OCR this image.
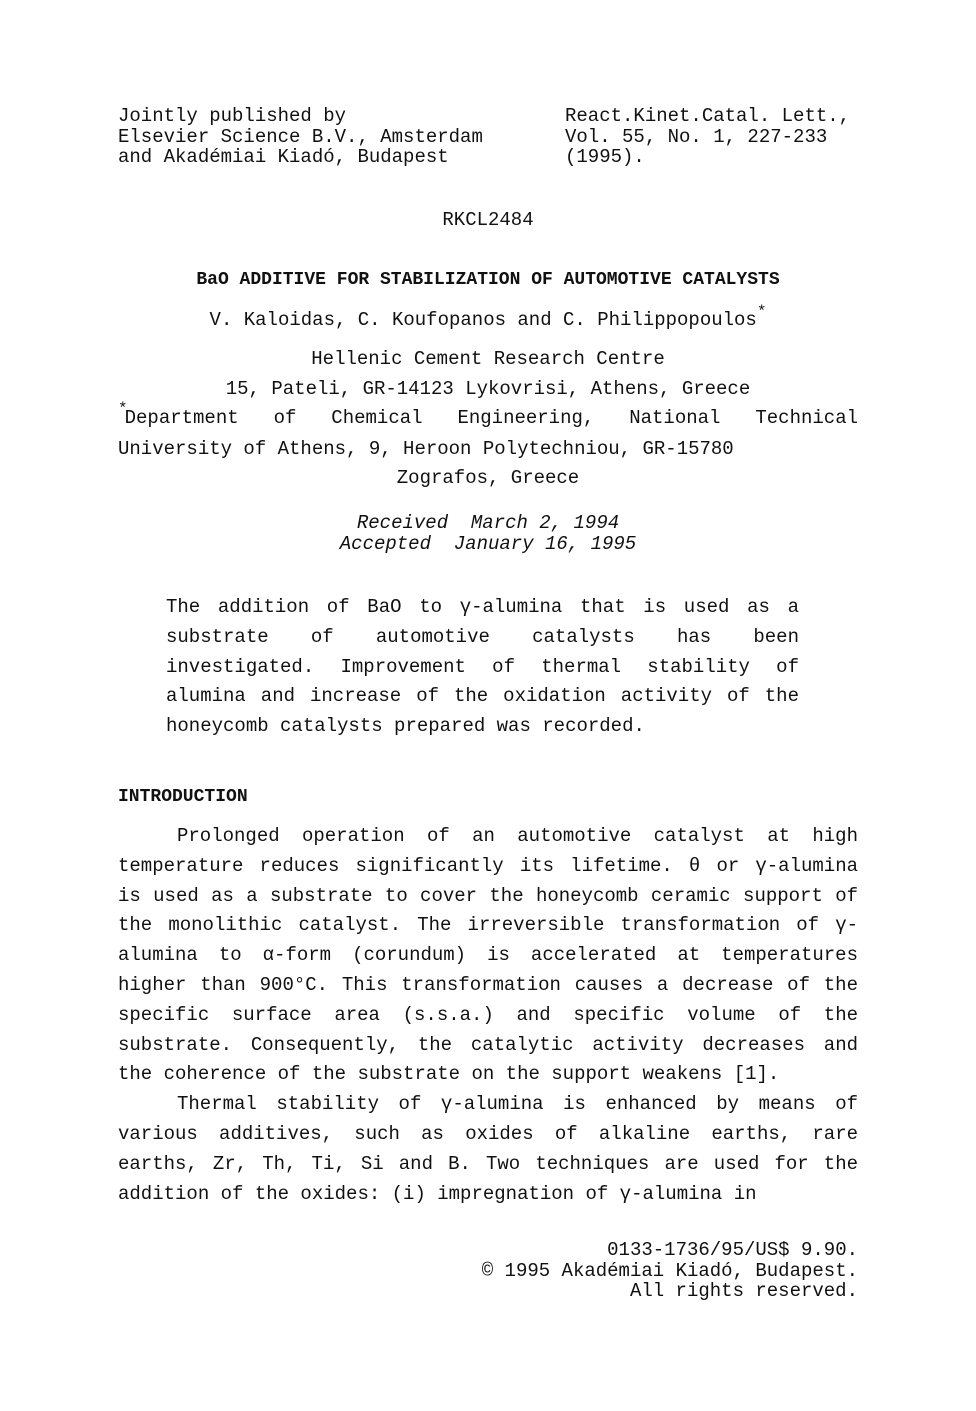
Jointly published by
Elsevier Science B.V., Amsterdam
and Akadémiai Kiadó, Budapest
React.Kinet.Catal. Lett.,
Vol. 55, No. 1, 227-233
(1995).
RKCL2484
BaO ADDITIVE FOR STABILIZATION OF AUTOMOTIVE CATALYSTS
V. Kaloidas, C. Koufopanos and C. Philippopoulos*
Hellenic Cement Research Centre
15, Pateli, GR-14123 Lykovrisi, Athens, Greece
*Department of Chemical Engineering, National Technical University of Athens, 9, Heroon Polytechniou, GR-15780
Zografos, Greece
Received  March 2, 1994
Accepted  January 16, 1995
The addition of BaO to γ-alumina that is used as a substrate of automotive catalysts has been investigated. Improvement of thermal stability of alumina and increase of the oxidation activity of the honeycomb catalysts prepared was recorded.
INTRODUCTION

Prolonged operation of an automotive catalyst at high temperature reduces significantly its lifetime. θ or γ-alumina is used as a substrate to cover the honeycomb ceramic support of the monolithic catalyst. The irreversible transformation of γ-alumina to α-form (corundum) is accelerated at temperatures higher than 900°C. This transformation causes a decrease of the specific surface area (s.s.a.) and specific volume of the substrate. Consequently, the catalytic activity decreases and the coherence of the substrate on the support weakens [1].

Thermal stability of γ-alumina is enhanced by means of various additives, such as oxides of alkaline earths, rare earths, Zr, Th, Ti, Si and B. Two techniques are used for the addition of the oxides: (i) impregnation of γ-alumina in

0133-1736/95/US$ 9.90.
© 1995 Akadémiai Kiadó, Budapest.
All rights reserved.
